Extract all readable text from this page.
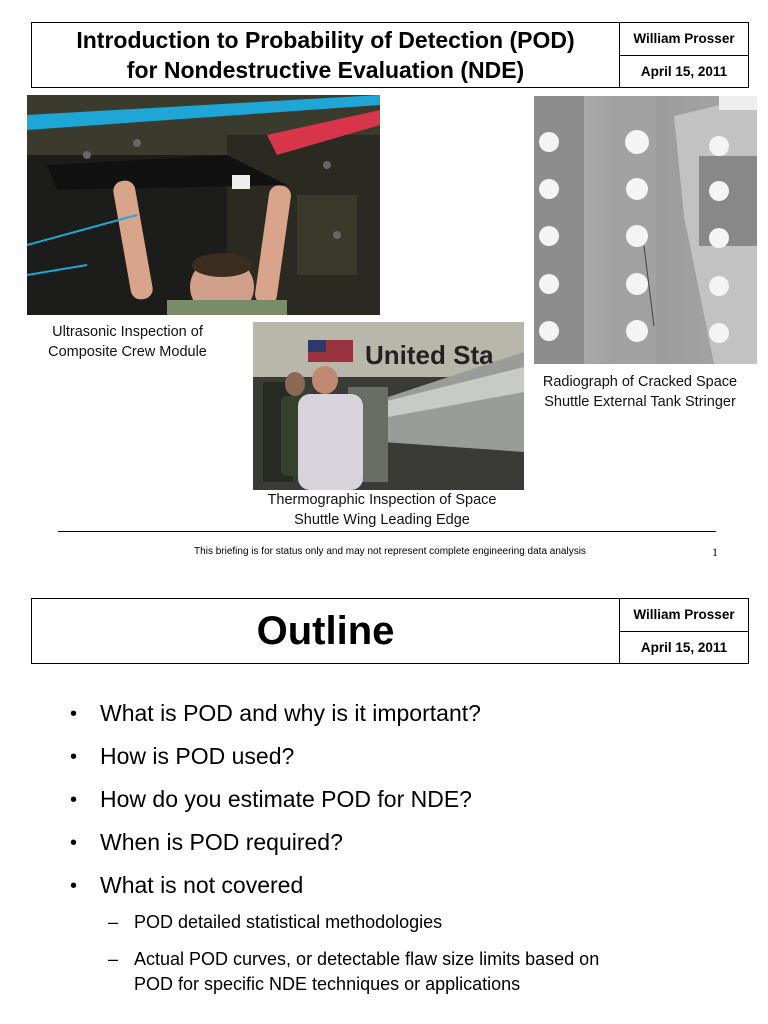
Introduction to Probability of Detection (POD)
for Nondestructive Evaluation (NDE)
William Prosser
April 15, 2011
Ultrasonic Inspection of
Composite Crew Module	United Sta
Radiograph of Cracked Space
Shuttle External Tank Stringer
Thermographic Inspection of Space
Shuttle Wing Leading Edge
This briefing is for status only and may not represent complete engineering data analysis	1
Outline	William Prosser
April 15, 2011
• What is POD and why is it important?
• How is POD used?
• How do you estimate POD for NDE?
• When is POD required?
• What is not covered
– POD detailed statistical methodologies
– Actual POD curves, or detectable flaw size limits based on
POD for specific NDE techniques or applications
